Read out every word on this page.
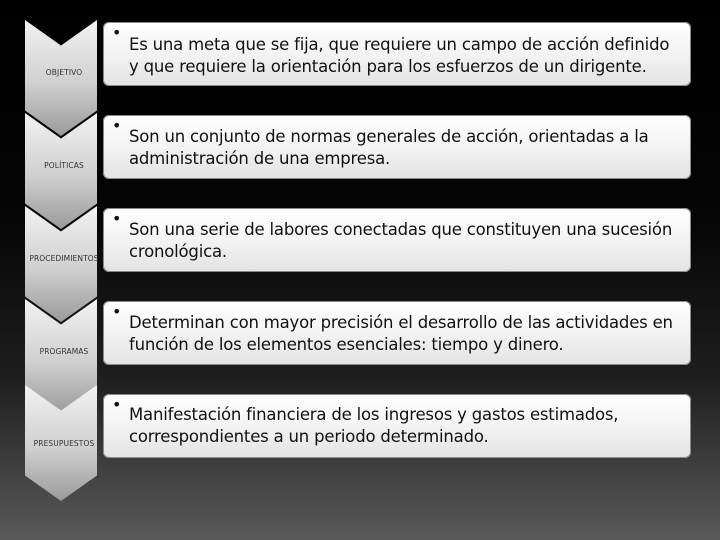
OBJETIVO
•
Es una meta que se fija, que requiere un campo de acción definido y que requiere la orientación para los esfuerzos de un dirigente.
POLÍTICAS
•
Son un conjunto de normas generales de acción, orientadas a la administración de una empresa.
PROCEDIMIENTOS
•
Son una serie de labores conectadas que constituyen una sucesión cronológica.
PROGRAMAS
•
Determinan con mayor precisión el desarrollo de las actividades en función de los elementos esenciales: tiempo y dinero.
PRESUPUESTOS
•
Manifestación financiera de los ingresos y gastos estimados, correspondientes a un periodo determinado.
